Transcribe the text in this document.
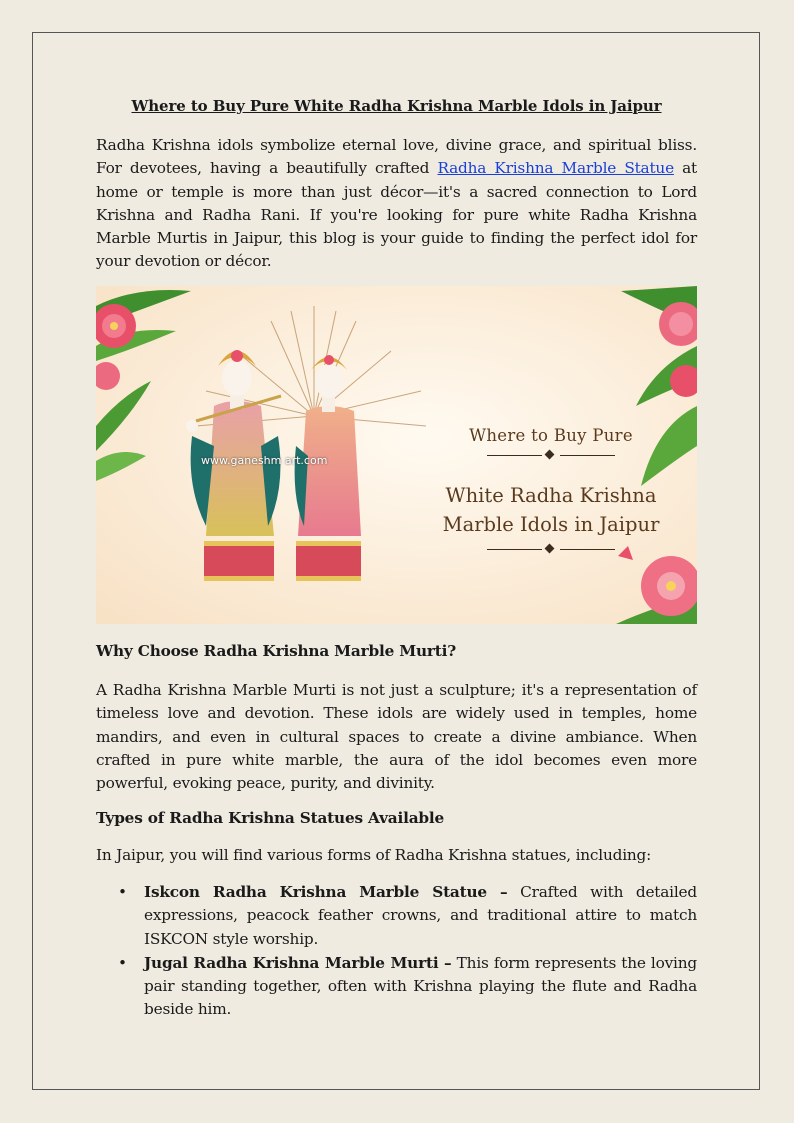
Where to Buy Pure White Radha Krishna Marble Idols in Jaipur

Radha Krishna idols symbolize eternal love, divine grace, and spiritual bliss. For devotees, having a beautifully crafted Radha Krishna Marble Statue at home or temple is more than just décor—it's a sacred connection to Lord Krishna and Radha Rani. If you're looking for pure white Radha Krishna Marble Murtis in Jaipur, this blog is your guide to finding the perfect idol for your devotion or décor.

www.ganeshm art.com
Where to Buy Pure
White Radha Krishna
Marble Idols in Jaipur
Why Choose Radha Krishna Marble Murti?

A Radha Krishna Marble Murti is not just a sculpture; it's a representation of timeless love and devotion. These idols are widely used in temples, home mandirs, and even in cultural spaces to create a divine ambiance. When crafted in pure white marble, the aura of the idol becomes even more powerful, evoking peace, purity, and divinity.

Types of Radha Krishna Statues Available

In Jaipur, you will find various forms of Radha Krishna statues, including:

• Iskcon Radha Krishna Marble Statue – Crafted with detailed expressions, peacock feather crowns, and traditional attire to match ISKCON style worship.
• Jugal Radha Krishna Marble Murti – This form represents the loving pair standing together, often with Krishna playing the flute and Radha beside him.
